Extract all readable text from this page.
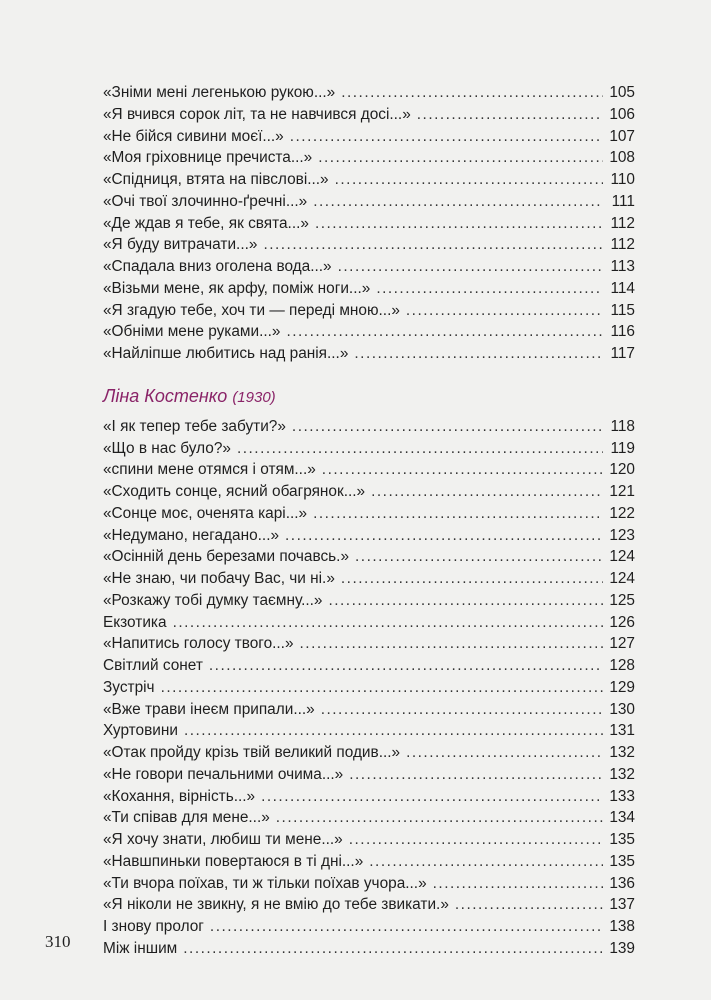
«Зніми мені легенькою рукою...» .....	105
«Я вчився сорок літ, та не навчився досі...» .....	106
«Не бійся сивини моєї...» .....	107
«Моя гріховнице пречиста...» .....	108
«Спідниця, втята на півслові...» .....	110
«Очі твої злочинно-ґречні...» .....	111
«Де ждав я тебе, як свята...» .....	112
«Я буду витрачати...» .....	112
«Спадала вниз оголена вода...» .....	113
«Візьми мене, як арфу, поміж ноги...» .....	114
«Я згадую тебе, хоч ти — переді мною...» .....	115
«Обніми мене руками...» .....	116
«Найліпше любитись над ранія...» .....	117
Ліна Костенко (1930)
«І як тепер тебе забути?» .....	118
«Що в нас було?» .....	119
«спини мене отямся і отям...» .....	120
«Сходить сонце, ясний обагрянок...» .....	121
«Сонце моє, оченята карі...» .....	122
«Недумано, негадано...» .....	123
«Осінній день березами почавсь.» .....	124
«Не знаю, чи побачу Вас, чи ні.» .....	124
«Розкажу тобі думку таємну...» .....	125
Екзотика .....	126
«Напитись голосу твого...» .....	127
Світлий сонет .....	128
Зустріч .....	129
«Вже трави інеєм припали...» .....	130
Хуртовини .....	131
«Отак пройду крізь твій великий подив...» .....	132
«Не говори печальними очима...» .....	132
«Кохання, вірність...» .....	133
«Ти співав для мене...» .....	134
«Я хочу знати, любиш ти мене...» .....	135
«Навшпиньки повертаюся в ті дні...» .....	135
«Ти вчора поїхав, ти ж тільки поїхав учора...» .....	136
«Я ніколи не звикну, я не вмію до тебе звикати.» .....	137
І знову пролог .....	138
Між іншим .....	139
310
